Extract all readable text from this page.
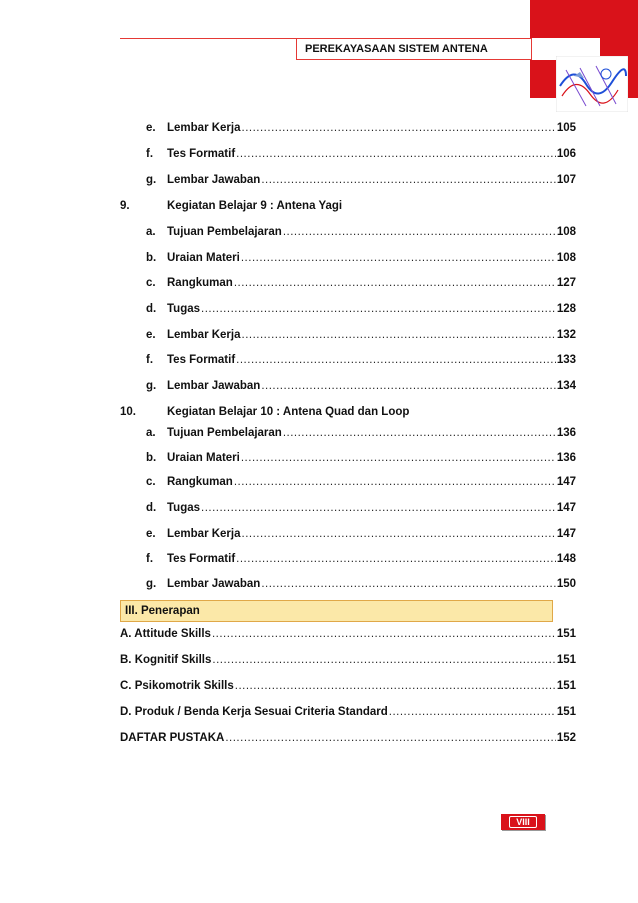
PEREKAYASAAN SISTEM ANTENA
e. Lembar Kerja .....	105
f.	Tes Formatif .....	106
g. Lembar Jawaban .....	107
9.	Kegiatan Belajar 9 : Antena Yagi
a. Tujuan Pembelajaran .....	108
b. Uraian Materi .....	108
c. Rangkuman .....	127
d. Tugas .....	128
e. Lembar Kerja .....	132
f.	Tes Formatif .....	133
g. Lembar Jawaban .....	134
10.	Kegiatan Belajar 10 : Antena Quad dan Loop
a. Tujuan Pembelajaran .....	136
b. Uraian Materi .....	136
c. Rangkuman .....	147
d. Tugas .....	147
e. Lembar Kerja .....	147
f.	Tes Formatif .....	148
g. Lembar Jawaban .....	150
III. Penerapan
A. Attitude Skills .....	151
B. Kognitif Skills .....	151
C. Psikomotrik Skills .....	151
D. Produk / Benda Kerja Sesuai Criteria Standard .....	151
DAFTAR PUSTAKA .....	152
VIII
